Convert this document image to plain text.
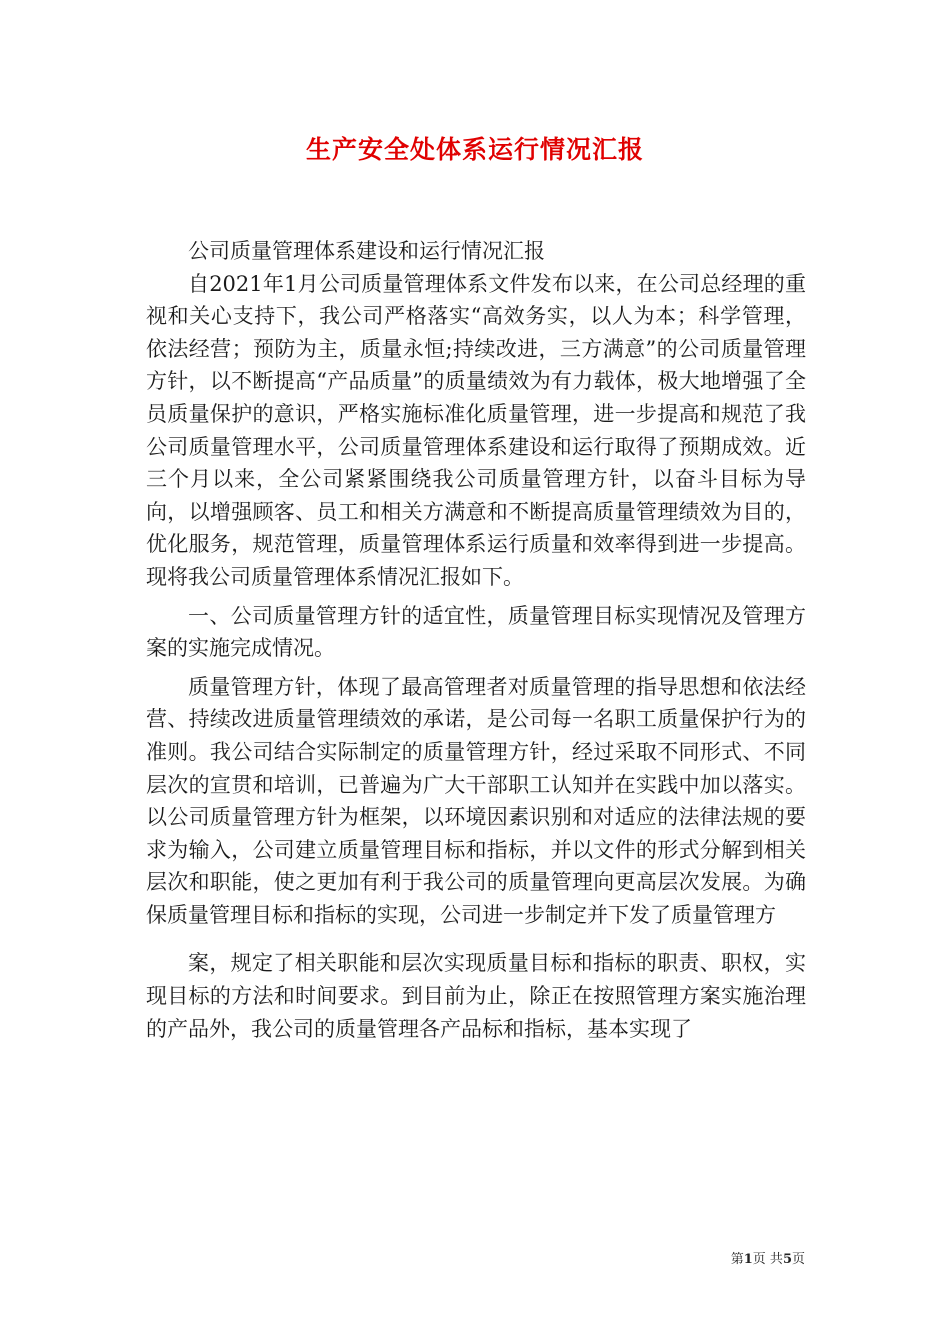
生产安全处体系运行情况汇报

公司质量管理体系建设和运行情况汇报

自2021年1月公司质量管理体系文件发布以来，在公司总经理的重视和关心支持下，我公司严格落实“高效务实，以人为本；科学管理，依法经营；预防为主，质量永恒;持续改进，三方满意”的公司质量管理方针，以不断提高“产品质量”的质量绩效为有力载体，极大地增强了全员质量保护的意识，严格实施标准化质量管理，进一步提高和规范了我公司质量管理水平，公司质量管理体系建设和运行取得了预期成效。近三个月以来，全公司紧紧围绕我公司质量管理方针，以奋斗目标为导向，以增强顾客、员工和相关方满意和不断提高质量管理绩效为目的，优化服务，规范管理，质量管理体系运行质量和效率得到进一步提高。现将我公司质量管理体系情况汇报如下。

一、公司质量管理方针的适宜性，质量管理目标实现情况及管理方案的实施完成情况。

质量管理方针，体现了最高管理者对质量管理的指导思想和依法经营、持续改进质量管理绩效的承诺，是公司每一名职工质量保护行为的准则。我公司结合实际制定的质量管理方针，经过采取不同形式、不同层次的宣贯和培训，已普遍为广大干部职工认知并在实践中加以落实。以公司质量管理方针为框架，以环境因素识别和对适应的法律法规的要求为输入，公司建立质量管理目标和指标，并以文件的形式分解到相关层次和职能，使之更加有利于我公司的质量管理向更高层次发展。为确保质量管理目标和指标的实现，公司进一步制定并下发了质量管理方

案，规定了相关职能和层次实现质量目标和指标的职责、职权，实现目标的方法和时间要求。到目前为止，除正在按照管理方案实施治理的产品外，我公司的质量管理各产品标和指标，基本实现了

第1页 共5页
